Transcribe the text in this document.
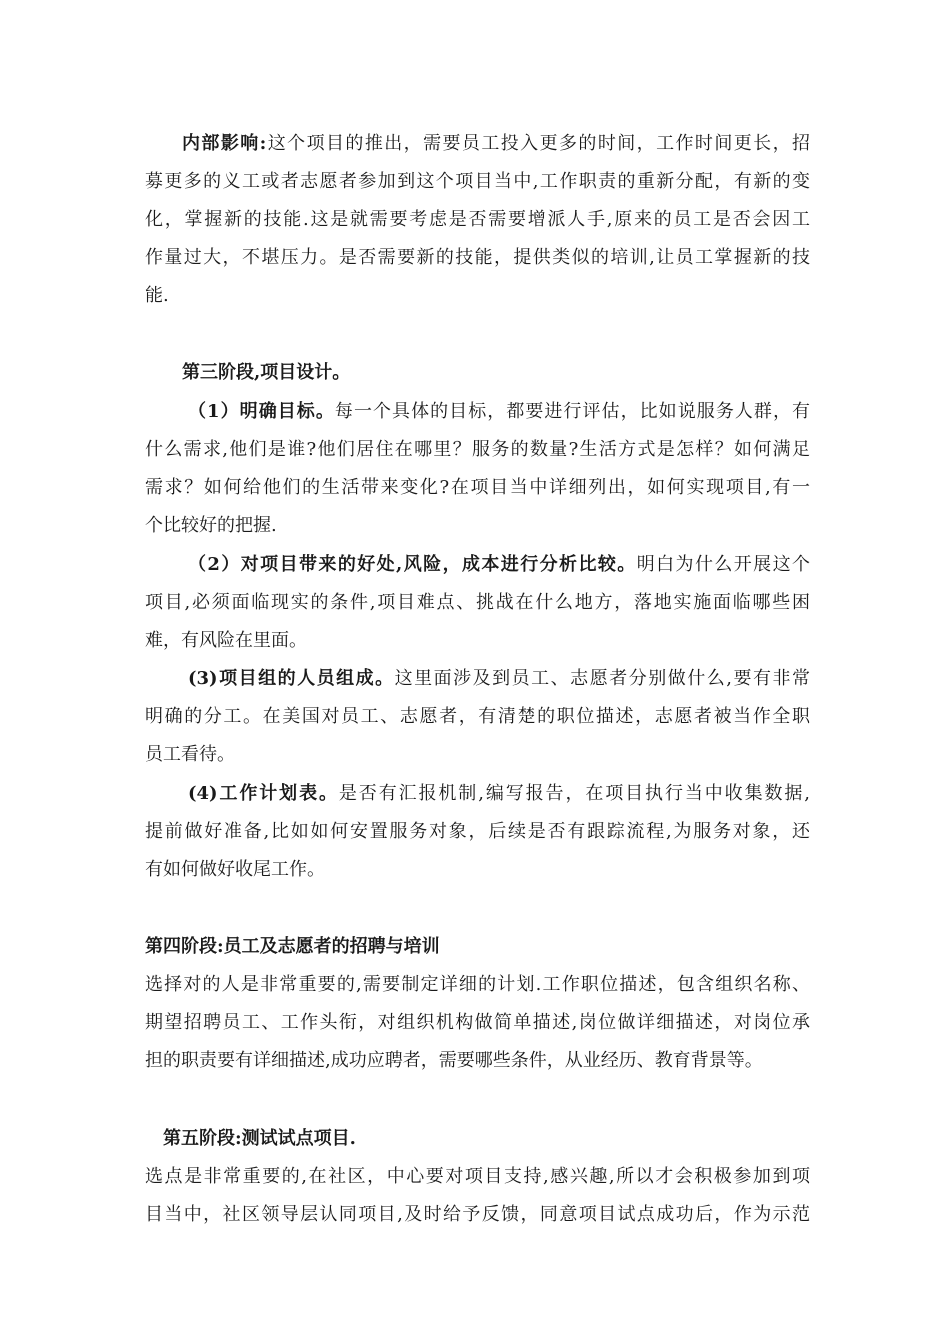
内部影响:这个项目的推出，需要员工投入更多的时间，工作时间更长，招
募更多的义工或者志愿者参加到这个项目当中,工作职责的重新分配，有新的变
化，掌握新的技能.这是就需要考虑是否需要增派人手,原来的员工是否会因工
作量过大，不堪压力。是否需要新的技能，提供类似的培训,让员工掌握新的技
能.
第三阶段,项目设计。
（1）明确目标。每一个具体的目标，都要进行评估，比如说服务人群，有
什么需求,他们是谁?他们居住在哪里？服务的数量?生活方式是怎样？如何满足
需求？如何给他们的生活带来变化?在项目当中详细列出，如何实现项目,有一
个比较好的把握.
（2）对项目带来的好处,风险，成本进行分析比较。明白为什么开展这个
项目,必须面临现实的条件,项目难点、挑战在什么地方，落地实施面临哪些困
难，有风险在里面。
(3)项目组的人员组成。这里面涉及到员工、志愿者分别做什么,要有非常
明确的分工。在美国对员工、志愿者，有清楚的职位描述，志愿者被当作全职
员工看待。
(4)工作计划表。是否有汇报机制,编写报告，在项目执行当中收集数据,
提前做好准备,比如如何安置服务对象，后续是否有跟踪流程,为服务对象，还
有如何做好收尾工作。
第四阶段:员工及志愿者的招聘与培训
选择对的人是非常重要的,需要制定详细的计划.工作职位描述，包含组织名称、
期望招聘员工、工作头衔，对组织机构做简单描述,岗位做详细描述，对岗位承
担的职责要有详细描述,成功应聘者，需要哪些条件，从业经历、教育背景等。
第五阶段:测试试点项目.
选点是非常重要的,在社区，中心要对项目支持,感兴趣,所以才会积极参加到项
目当中，社区领导层认同项目,及时给予反馈，同意项目试点成功后，作为示范
